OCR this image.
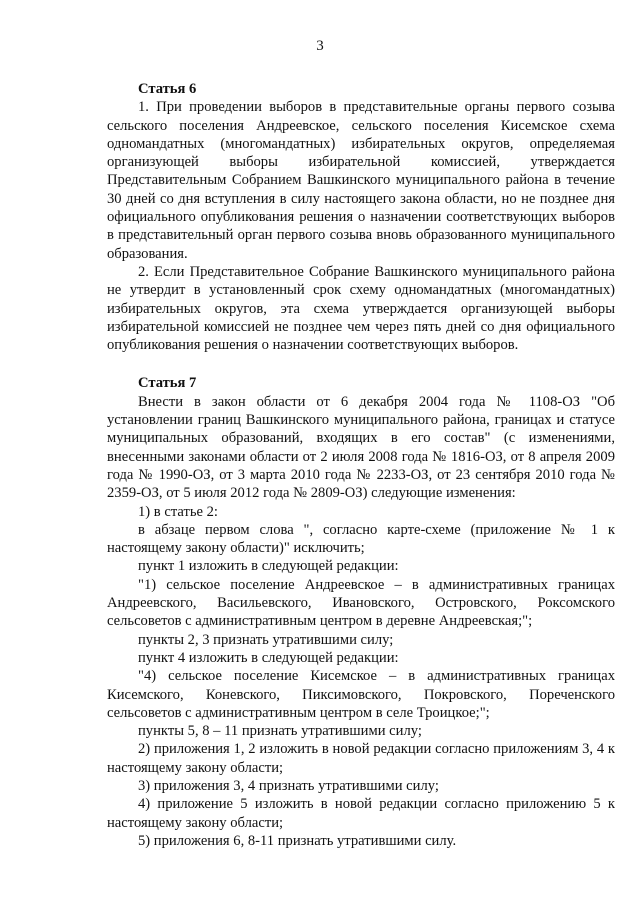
3

Статья 6

1. При проведении выборов в представительные органы первого созыва сельского поселения Андреевское, сельского поселения Кисемское схема одномандатных (многомандатных) избирательных округов, определяемая организующей выборы избирательной комиссией, утверждается Представительным Собранием Вашкинского муниципального района в течение 30 дней со дня вступления в силу настоящего закона области, но не позднее дня официального опубликования решения о назначении соответствующих выборов в представительный орган первого созыва вновь образованного муниципального образования.

2. Если Представительное Собрание Вашкинского муниципального района не утвердит в установленный срок схему одномандатных (многомандатных) избирательных округов, эта схема утверждается организующей выборы избирательной комиссией не позднее чем через пять дней со дня официального опубликования решения о назначении соответствующих выборов.

Статья 7

Внести в закон области от 6 декабря 2004 года № 1108-ОЗ "Об установлении границ Вашкинского муниципального района, границах и статусе муниципальных образований, входящих в его состав" (с изменениями, внесенными законами области от 2 июля 2008 года № 1816-ОЗ, от 8 апреля 2009 года № 1990-ОЗ, от 3 марта 2010 года № 2233-ОЗ, от 23 сентября 2010 года № 2359-ОЗ, от 5 июля 2012 года № 2809-ОЗ) следующие изменения:

1) в статье 2:

в абзаце первом слова ", согласно карте-схеме (приложение № 1 к настоящему закону области)" исключить;

пункт 1 изложить в следующей редакции:

"1) сельское поселение Андреевское – в административных границах Андреевского, Васильевского, Ивановского, Островского, Роксомского сельсоветов с административным центром в деревне Андреевская;";

пункты 2, 3 признать утратившими силу;

пункт 4 изложить в следующей редакции:

"4) сельское поселение Кисемское – в административных границах Кисемского, Коневского, Пиксимовского, Покровского, Пореченского сельсоветов с административным центром в селе Троицкое;";

пункты 5, 8 – 11 признать утратившими силу;

2) приложения 1, 2 изложить в новой редакции согласно приложениям 3, 4 к настоящему закону области;

3) приложения 3, 4 признать утратившими силу;

4) приложение 5 изложить в новой редакции согласно приложению 5 к настоящему закону области;

5) приложения 6, 8-11 признать утратившими силу.
